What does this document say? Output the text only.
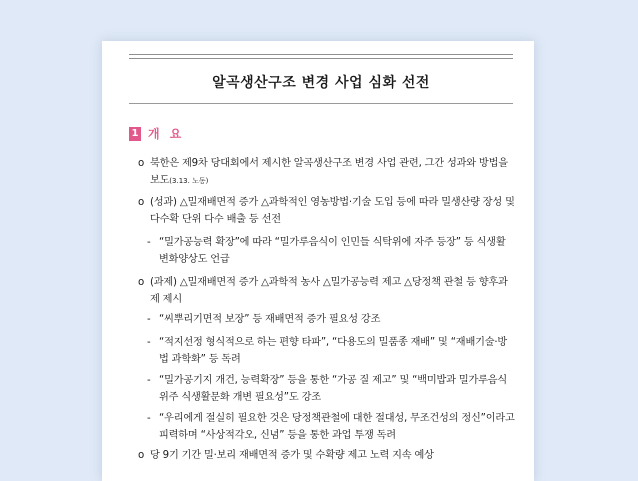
알곡생산구조 변경 사업 심화 선전
1 개 요
o 북한은 제9차 당대회에서 제시한 알곡생산구조 변경 사업 관련, 그간 성과와 방법을 보도(3.13. 노동)
o (성과) △밀재배면적 증가 △과학적인 영농방법·기술 도입 등에 따라 밀생산량 장성 및 다수확 단위 다수 배출 등 선전
- “밀가공능력 확장”에 따라 “밀가루음식이 인민들 식탁위에 자주 등장” 등 식생활 변화양상도 언급
o (과제) △밀재배면적 증가 △과학적 농사 △밀가공능력 제고 △당정책 관철 등 향후과제 제시
- “씨뿌리기면적 보장” 등 재배면적 증가 필요성 강조
- “적지선정 형식적으로 하는 편향 타파”, “다용도의 밀품종 재배” 및 “재배기술·방법 과학화” 등 독려
- “밀가공기지 개건, 능력확장” 등을 통한 “가공 질 제고” 및 “백미밥과 밀가루음식위주 식생활문화 개변 필요성”도 강조
- “우리에게 절실히 필요한 것은 당정책관철에 대한 절대성, 무조건성의 정신”이라고 피력하며 “사상적각오, 신념” 등을 통한 과업 투쟁 독려
o 당 9기 기간 밀·보리 재배면적 증가 및 수확량 제고 노력 지속 예상
